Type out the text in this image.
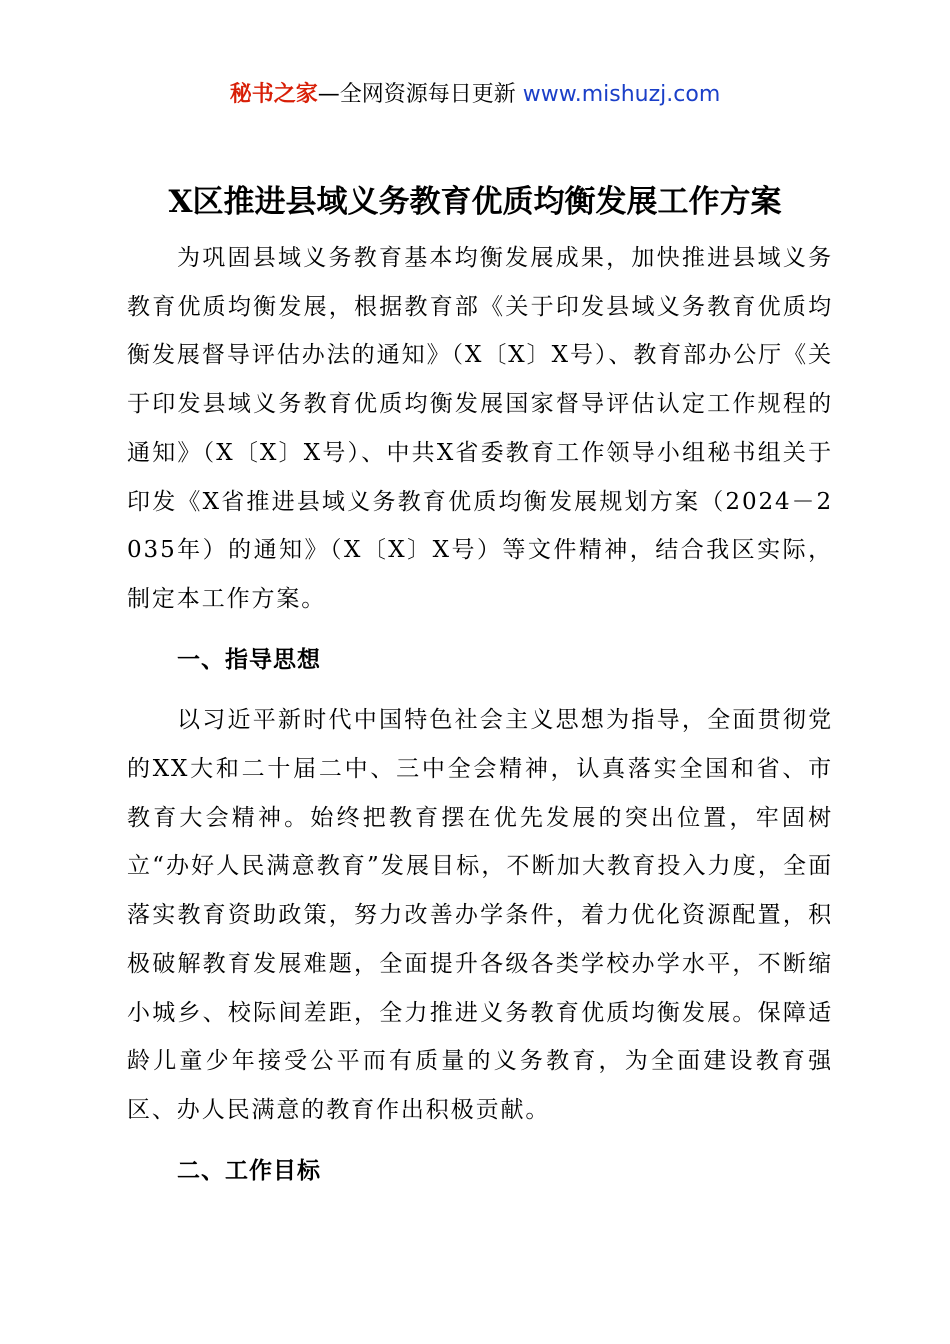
秘书之家—全网资源每日更新 www.mishuzj.com
X区推进县域义务教育优质均衡发展工作方案

为巩固县域义务教育基本均衡发展成果，加快推进县域义务教育优质均衡发展，根据教育部《关于印发县域义务教育优质均衡发展督导评估办法的通知》（X〔X〕X号）、教育部办公厅《关于印发县域义务教育优质均衡发展国家督导评估认定工作规程的通知》（X〔X〕X号）、中共X省委教育工作领导小组秘书组关于印发《X省推进县域义务教育优质均衡发展规划方案（2024－2035年）的通知》（X〔X〕X号）等文件精神，结合我区实际，制定本工作方案。

一、指导思想

以习近平新时代中国特色社会主义思想为指导，全面贯彻党的XX大和二十届二中、三中全会精神，认真落实全国和省、市教育大会精神。始终把教育摆在优先发展的突出位置，牢固树立“办好人民满意教育”发展目标，不断加大教育投入力度，全面落实教育资助政策，努力改善办学条件，着力优化资源配置，积极破解教育发展难题，全面提升各级各类学校办学水平，不断缩小城乡、校际间差距，全力推进义务教育优质均衡发展。保障适龄儿童少年接受公平而有质量的义务教育，为全面建设教育强区、办人民满意的教育作出积极贡献。

二、工作目标
